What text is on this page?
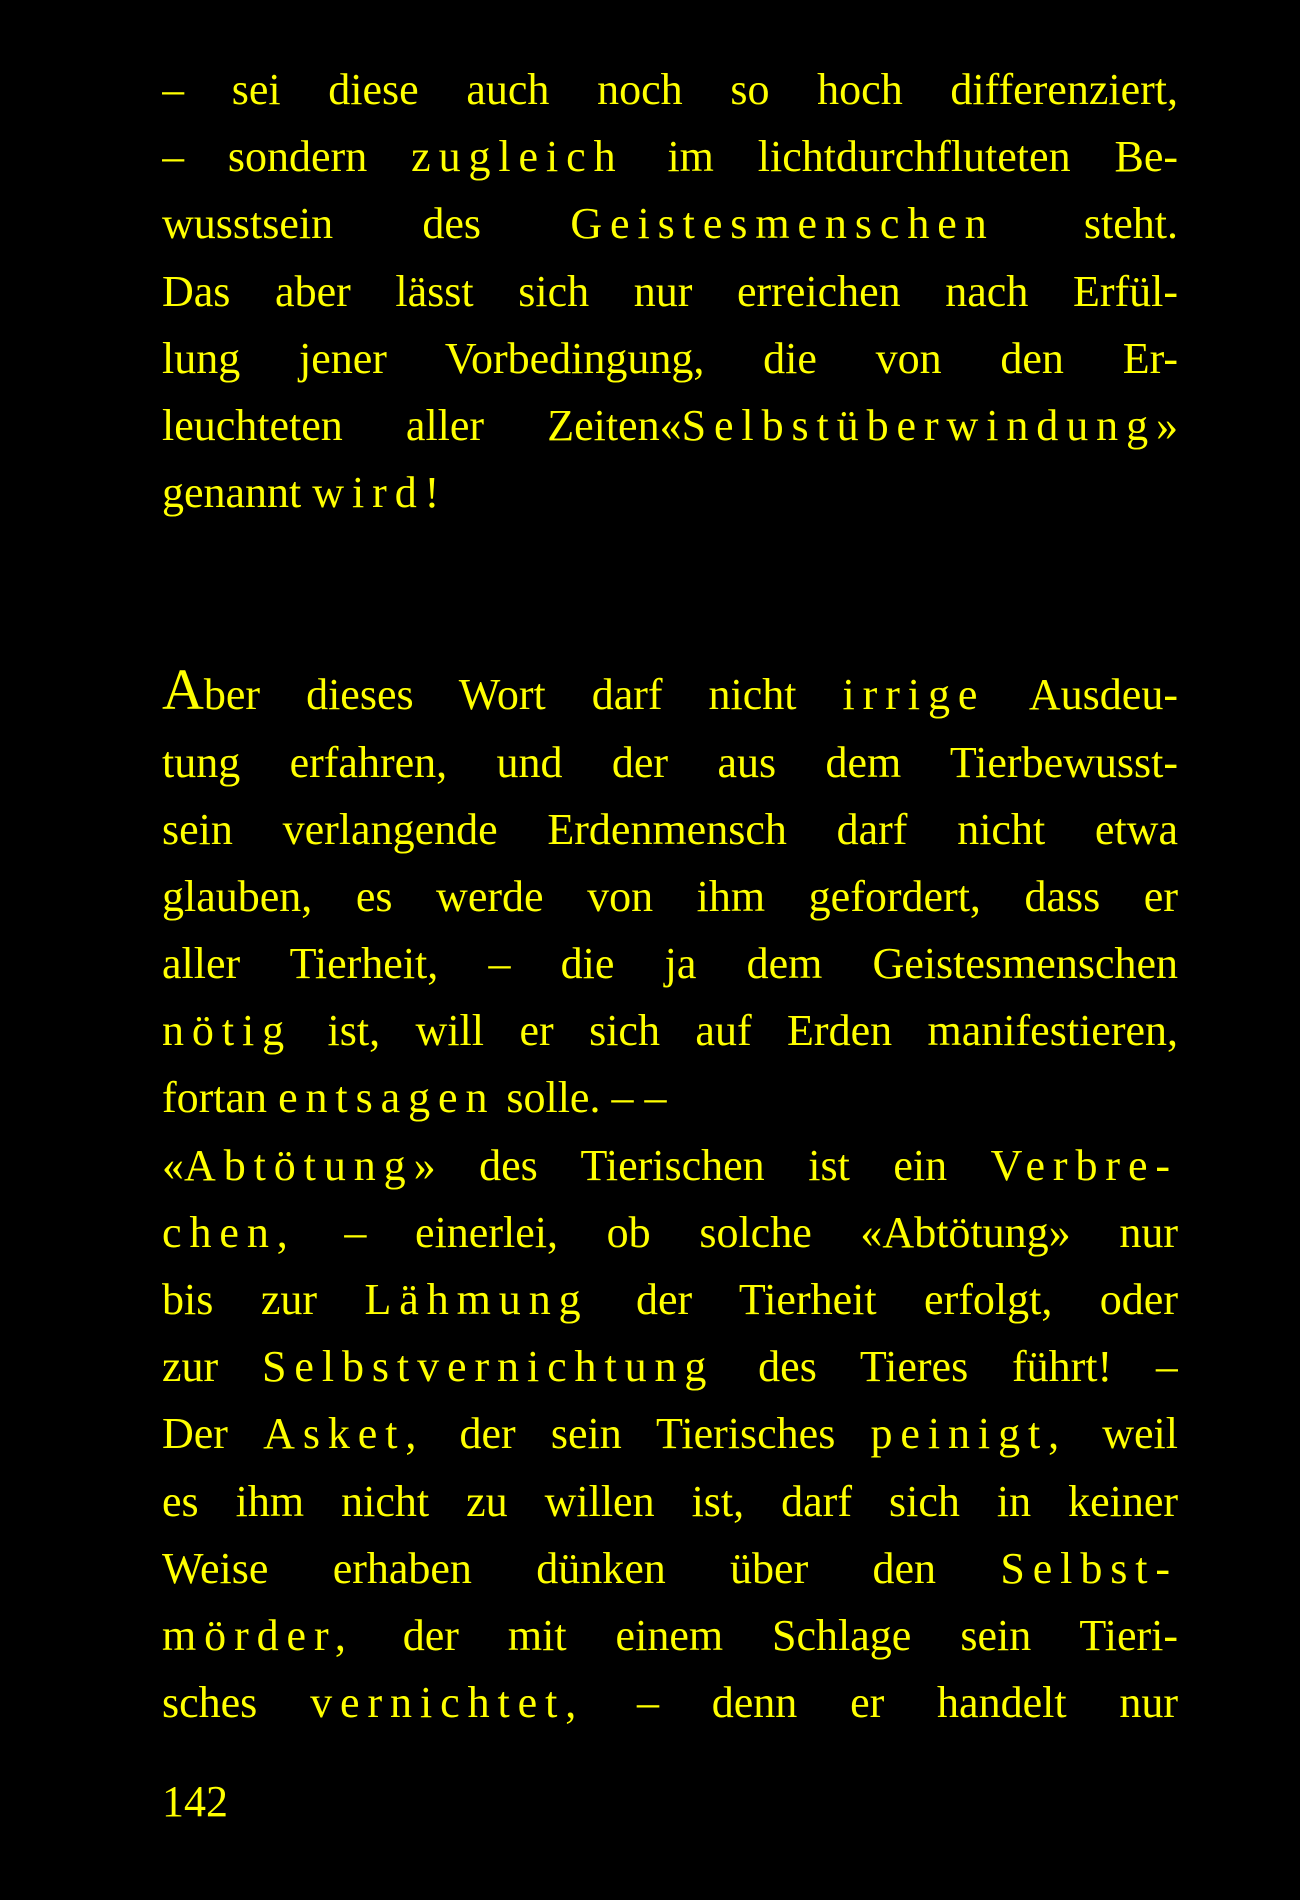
– sei diese auch noch so hoch differenziert,
– sondern zugleich im lichtdurchfluteten Be-
wusstsein des Geistesmenschen steht.
Das aber lässt sich nur erreichen nach Erfül-
lung jener Vorbedingung, die von den Er-
leuchteten aller Zeiten«Selbstüberwindung»
genannt wird!
Aber dieses Wort darf nicht irrige Ausdeu-
tung erfahren, und der aus dem Tierbewusst-
sein verlangende Erdenmensch darf nicht etwa
glauben, es werde von ihm gefordert, dass er
aller Tierheit, – die ja dem Geistesmenschen
nötig ist, will er sich auf Erden manifestieren,
fortan entsagen solle. – –
«Abtötung» des Tierischen ist ein Verbre-
chen, – einerlei, ob solche «Abtötung» nur
bis zur Lähmung der Tierheit erfolgt, oder
zur Selbstvernichtung des Tieres führt! –
Der Asket, der sein Tierisches peinigt, weil
es ihm nicht zu willen ist, darf sich in keiner
Weise erhaben dünken über den Selbst-
mörder, der mit einem Schlage sein Tieri-
sches vernichtet, – denn er handelt nur
142
